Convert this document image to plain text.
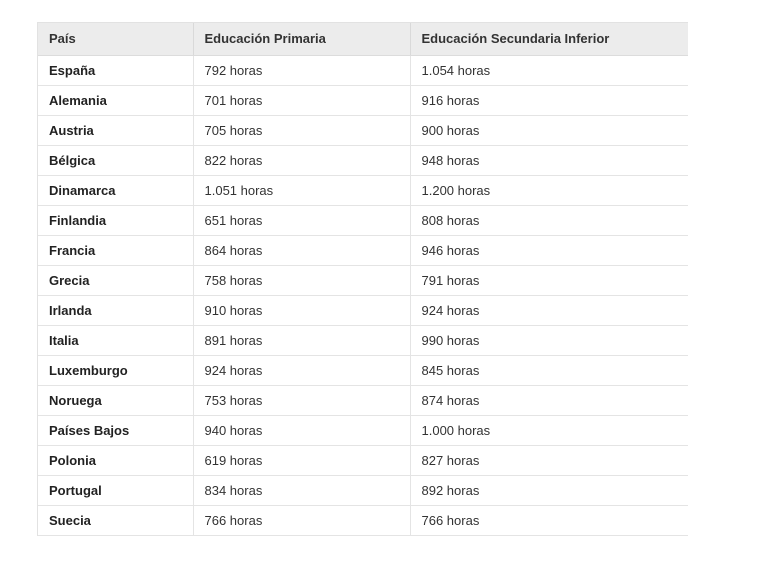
País	Educación Primaria	Educación Secundaria Inferior
España	792 horas	1.054 horas
Alemania	701 horas	916 horas
Austria	705 horas	900 horas
Bélgica	822 horas	948 horas
Dinamarca	1.051 horas	1.200 horas
Finlandia	651 horas	808 horas
Francia	864 horas	946 horas
Grecia	758 horas	791 horas
Irlanda	910 horas	924 horas
Italia	891 horas	990 horas
Luxemburgo	924 horas	845 horas
Noruega	753 horas	874 horas
Países Bajos	940 horas	1.000 horas
Polonia	619 horas	827 horas
Portugal	834 horas	892 horas
Suecia	766 horas	766 horas
